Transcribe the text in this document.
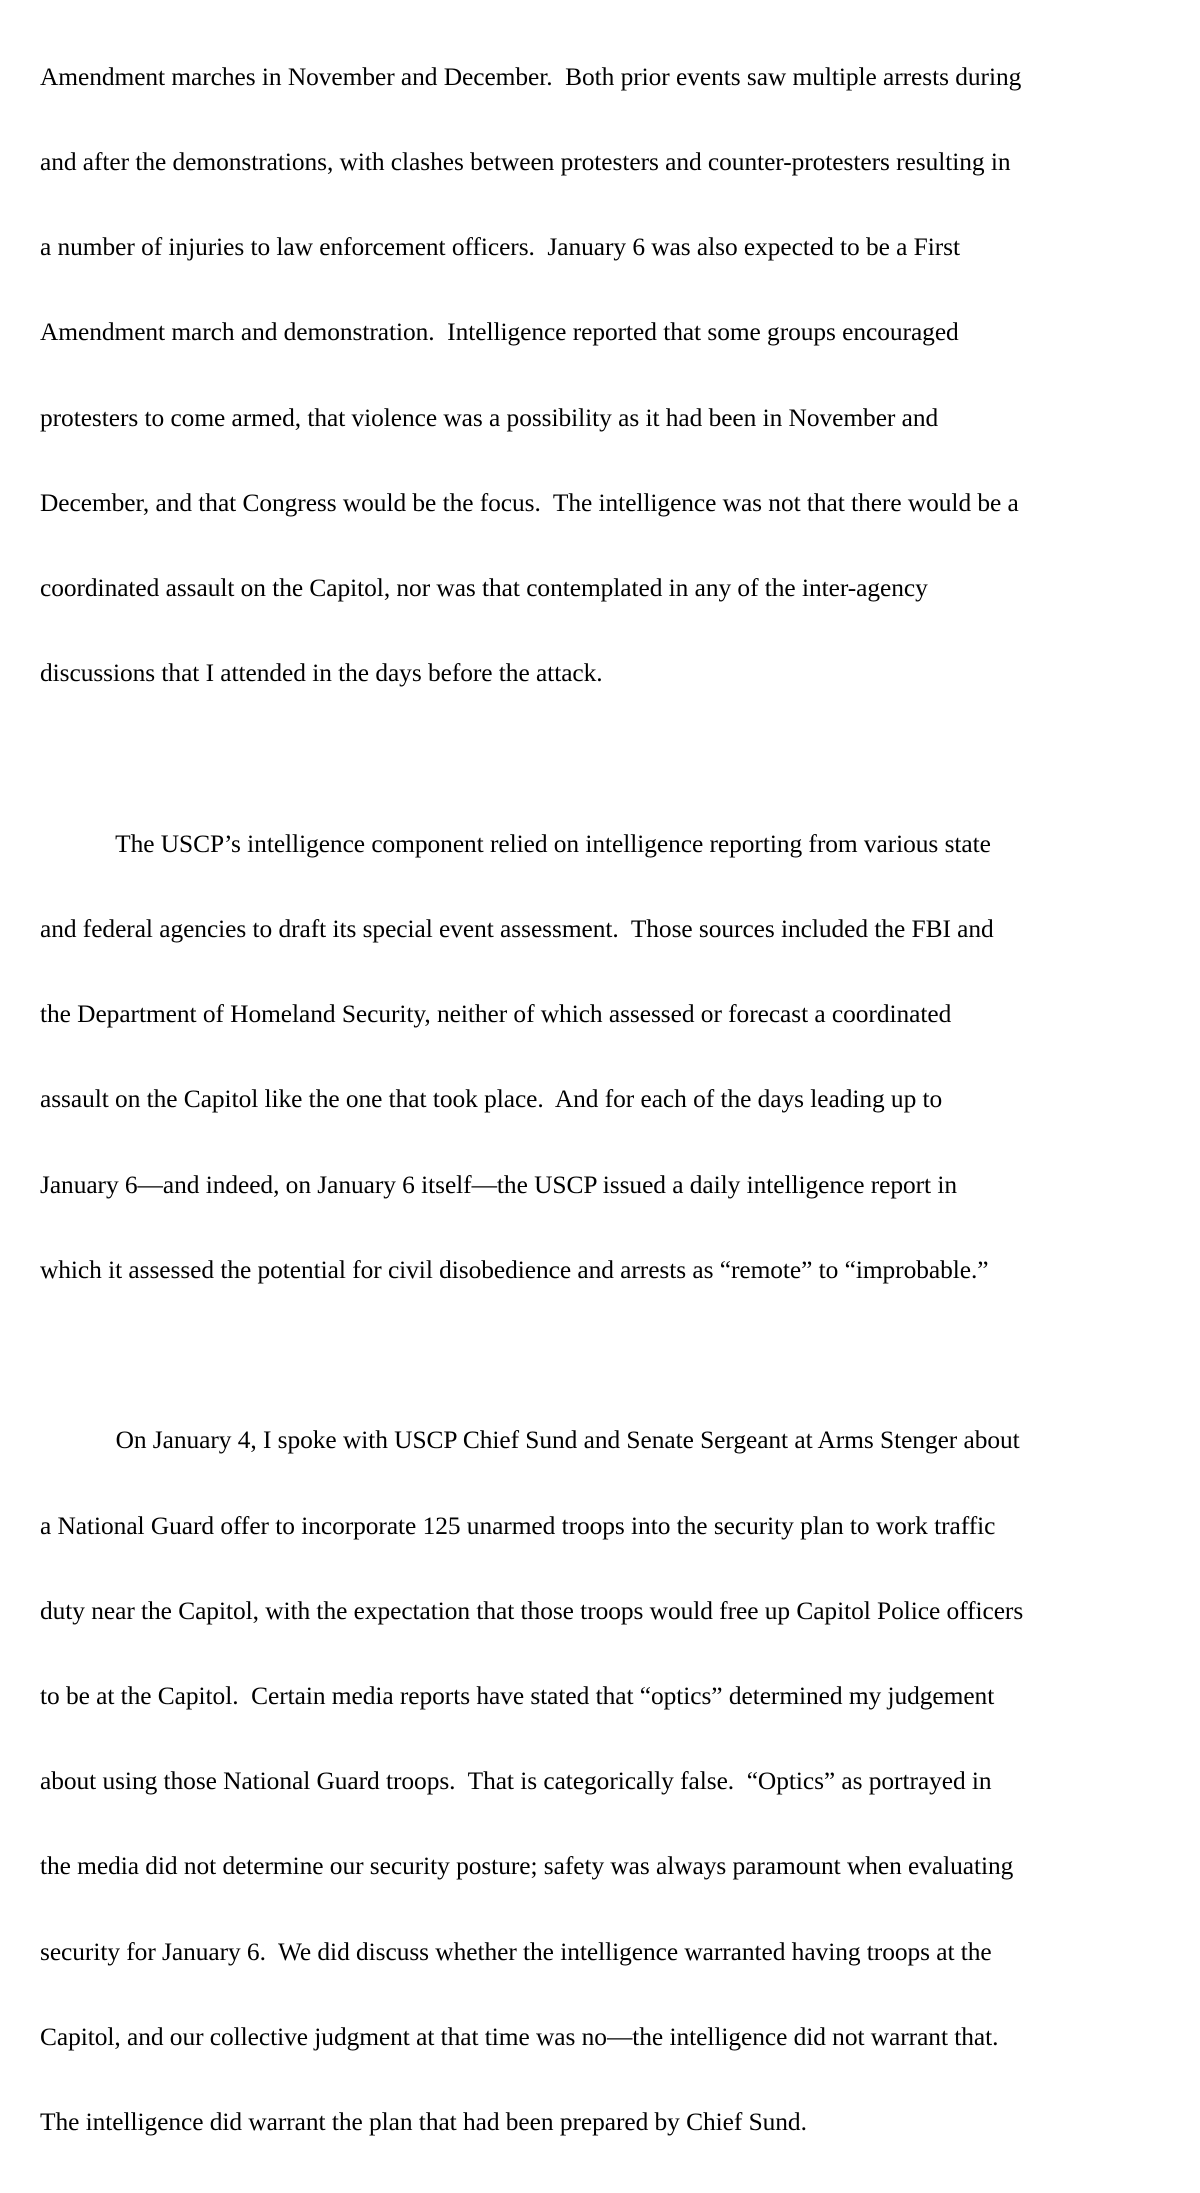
Amendment marches in November and December.  Both prior events saw multiple arrests during

and after the demonstrations, with clashes between protesters and counter-protesters resulting in

a number of injuries to law enforcement officers.  January 6 was also expected to be a First

Amendment march and demonstration.  Intelligence reported that some groups encouraged

protesters to come armed, that violence was a possibility as it had been in November and

December, and that Congress would be the focus.  The intelligence was not that there would be a

coordinated assault on the Capitol, nor was that contemplated in any of the inter-agency

discussions that I attended in the days before the attack.

The USCP’s intelligence component relied on intelligence reporting from various state

and federal agencies to draft its special event assessment.  Those sources included the FBI and

the Department of Homeland Security, neither of which assessed or forecast a coordinated

assault on the Capitol like the one that took place.  And for each of the days leading up to

January 6—and indeed, on January 6 itself—the USCP issued a daily intelligence report in

which it assessed the potential for civil disobedience and arrests as “remote” to “improbable.”

On January 4, I spoke with USCP Chief Sund and Senate Sergeant at Arms Stenger about

a National Guard offer to incorporate 125 unarmed troops into the security plan to work traffic

duty near the Capitol, with the expectation that those troops would free up Capitol Police officers

to be at the Capitol.  Certain media reports have stated that “optics” determined my judgement

about using those National Guard troops.  That is categorically false.  “Optics” as portrayed in

the media did not determine our security posture; safety was always paramount when evaluating

security for January 6.  We did discuss whether the intelligence warranted having troops at the

Capitol, and our collective judgment at that time was no—the intelligence did not warrant that.

The intelligence did warrant the plan that had been prepared by Chief Sund.
